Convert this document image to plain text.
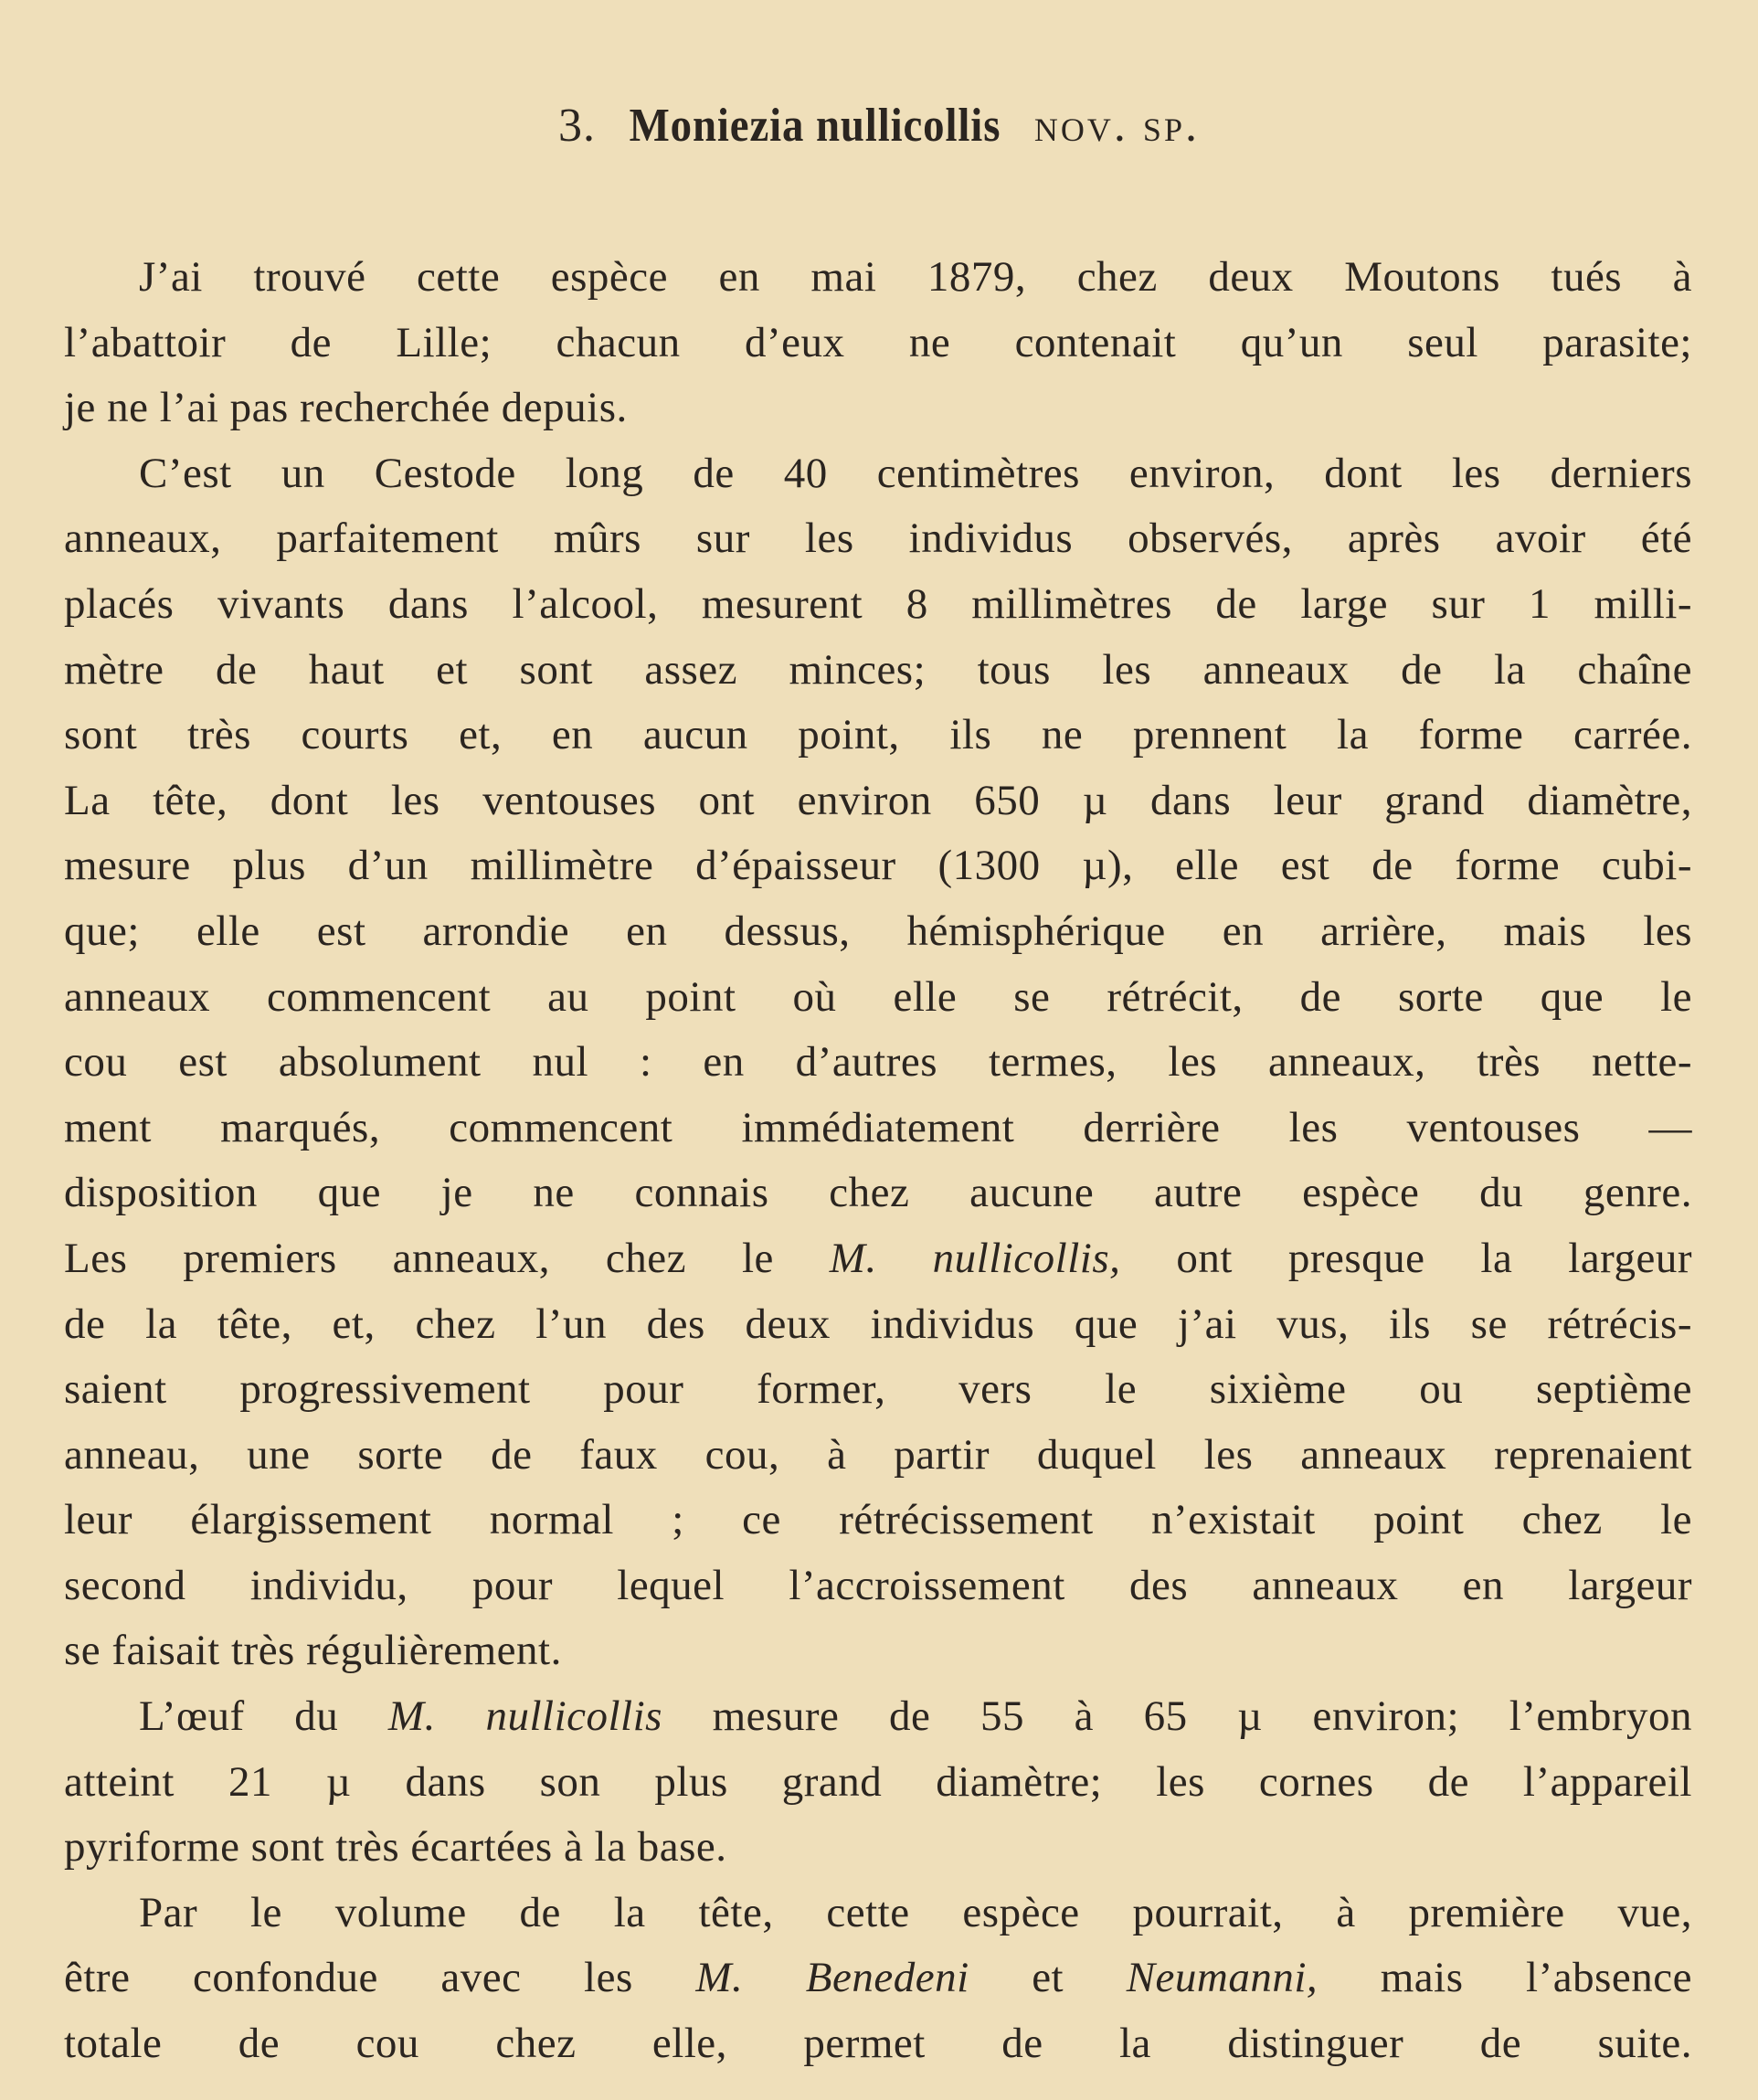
3. Moniezia nullicollis nov. sp.
J’ai trouvé cette espèce en mai 1879, chez deux Moutons tués à
l’abattoir de Lille; chacun d’eux ne contenait qu’un seul parasite;
je ne l’ai pas recherchée depuis.
C’est un Cestode long de 40 centimètres environ, dont les derniers
anneaux, parfaitement mûrs sur les individus observés, après avoir été
placés vivants dans l’alcool, mesurent 8 millimètres de large sur 1 milli-
mètre de haut et sont assez minces; tous les anneaux de la chaîne
sont très courts et, en aucun point, ils ne prennent la forme carrée.
La tête, dont les ventouses ont environ 650 µ dans leur grand diamètre,
mesure plus d’un millimètre d’épaisseur (1300 µ), elle est de forme cubi-
que; elle est arrondie en dessus, hémisphérique en arrière, mais les
anneaux commencent au point où elle se rétrécit, de sorte que le
cou est absolument nul : en d’autres termes, les anneaux, très nette-
ment marqués, commencent immédiatement derrière les ventouses —
disposition que je ne connais chez aucune autre espèce du genre.
Les premiers anneaux, chez le M. nullicollis, ont presque la largeur
de la tête, et, chez l’un des deux individus que j’ai vus, ils se rétrécis-
saient progressivement pour former, vers le sixième ou septième
anneau, une sorte de faux cou, à partir duquel les anneaux reprenaient
leur élargissement normal ; ce rétrécissement n’existait point chez le
second individu, pour lequel l’accroissement des anneaux en largeur
se faisait très régulièrement.
L’œuf du M. nullicollis mesure de 55 à 65 µ environ; l’embryon
atteint 21 µ dans son plus grand diamètre; les cornes de l’appareil
pyriforme sont très écartées à la base.
Par le volume de la tête, cette espèce pourrait, à première vue,
être confondue avec les M. Benedeni et Neumanni, mais l’absence
totale de cou chez elle, permet de la distinguer de suite.
